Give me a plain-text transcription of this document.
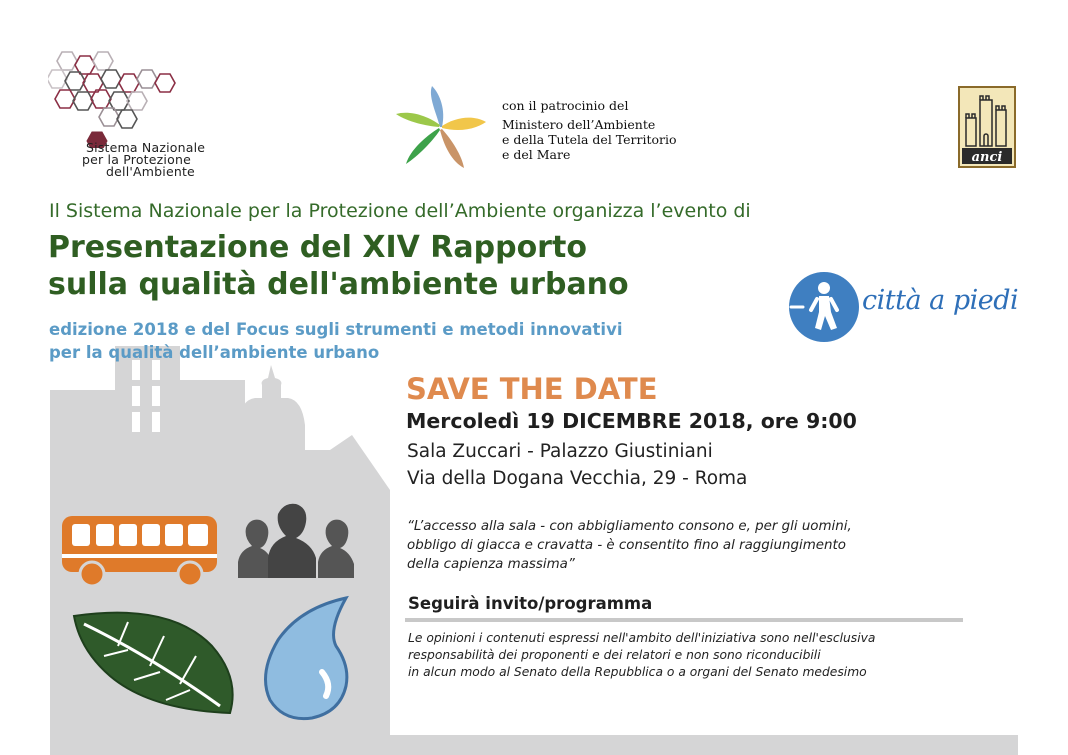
Sistema Nazionale
per la Protezione
dell'Ambiente
con il patrocinio del
Ministero dell’Ambiente
e della Tutela del Territorio
e del Mare	anci
Il Sistema Nazionale per la Protezione dell’Ambiente organizza l’evento di
Presentazione del XIV Rapporto
sulla qualità dell'ambiente urbano
edizione 2018 e del Focus sugli strumenti e metodi innovativi
per la qualità dell’ambiente urbano
città a piedi
SAVE THE DATE
Mercoledì 19 DICEMBRE 2018, ore 9:00
Sala Zuccari - Palazzo Giustiniani
Via della Dogana Vecchia, 29 - Roma
“L’accesso alla sala - con abbigliamento consono e, per gli uomini,
obbligo di giacca e cravatta - è consentito fino al raggiungimento
della capienza massima”
Seguirà invito/programma
Le opinioni i contenuti espressi nell'ambito dell'iniziativa sono nell'esclusiva
responsabilità dei proponenti e dei relatori e non sono riconducibili
in alcun modo al Senato della Repubblica o a organi del Senato medesimo
